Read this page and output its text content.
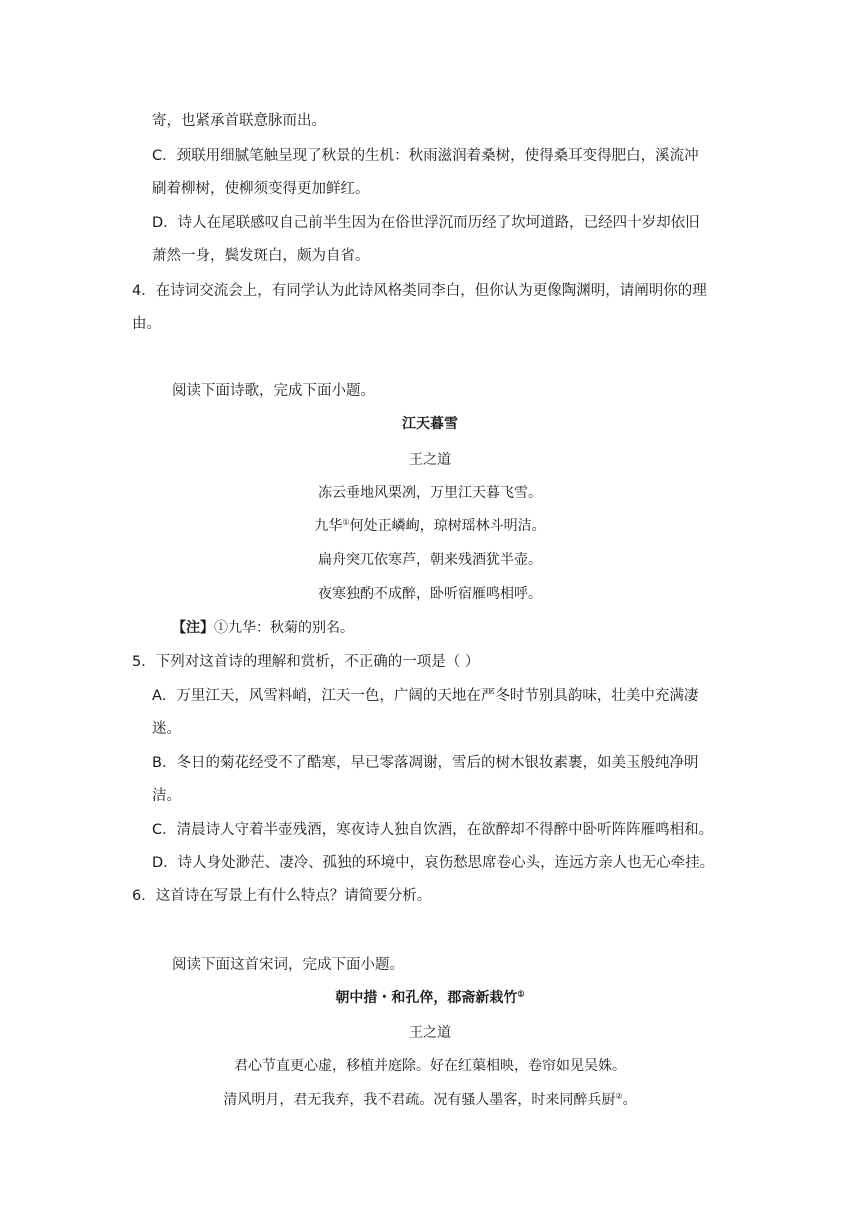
寄，也紧承首联意脉而出。
C．颈联用细腻笔触呈现了秋景的生机：秋雨滋润着桑树，使得桑耳变得肥白，溪流冲
刷着柳树，使柳须变得更加鲜红。
D．诗人在尾联感叹自己前半生因为在俗世浮沉而历经了坎坷道路，已经四十岁却依旧
萧然一身，鬓发斑白，颇为自省。
4．在诗词交流会上，有同学认为此诗风格类同李白，但你认为更像陶渊明，请阐明你的理
由。
阅读下面诗歌，完成下面小题。
江天暮雪
王之道
冻云垂地风栗冽，万里江天暮飞雪。
九华①何处正嶙峋，琼树瑶林斗明洁。
扁舟突兀依寒芦，朝来残酒犹半壶。
夜寒独酌不成醉，卧听宿雁鸣相呼。
【注】①九华：秋菊的别名。
5．下列对这首诗的理解和赏析，不正确的一项是（ ）
A．万里江天，风雪料峭，江天一色，广阔的天地在严冬时节别具韵味，壮美中充满凄
迷。
B．冬日的菊花经受不了酷寒，早已零落凋谢，雪后的树木银妆素裹，如美玉般纯净明
洁。
C．清晨诗人守着半壶残酒，寒夜诗人独自饮酒，在欲醉却不得醉中卧听阵阵雁鸣相和。
D．诗人身处渺茫、凄冷、孤独的环境中，哀伤愁思席卷心头，连远方亲人也无心牵挂。
6．这首诗在写景上有什么特点？请简要分析。
阅读下面这首宋词，完成下面小题。
朝中措・和孔倅，郡斋新栽竹①
王之道
君心节直更心虚，移植并庭除。好在红蕖相映，卷帘如见吴姝。
清风明月，君无我弃，我不君疏。况有骚人墨客，时来同醉兵厨②。
